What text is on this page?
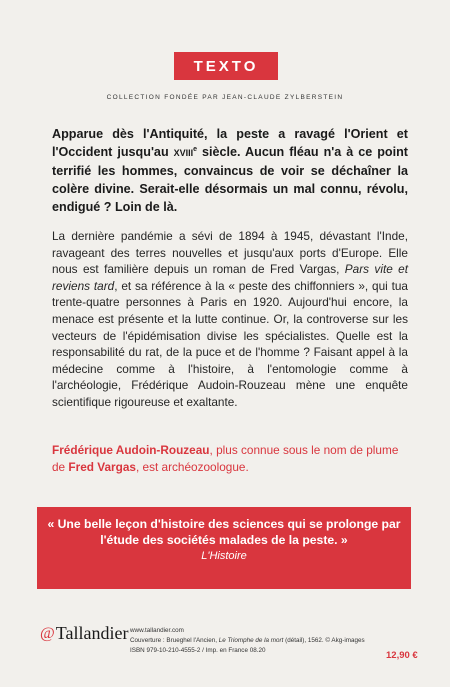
TEXTO
COLLECTION FONDÉE PAR JEAN-CLAUDE ZYLBERSTEIN

Apparue dès l'Antiquité, la peste a ravagé l'Orient et l'Occident jusqu'au XVIIIe siècle. Aucun fléau n'a à ce point terrifié les hommes, convaincus de voir se déchaîner la colère divine. Serait-elle désormais un mal connu, révolu, endigué ? Loin de là.

La dernière pandémie a sévi de 1894 à 1945, dévastant l'Inde, ravageant des terres nouvelles et jusqu'aux ports d'Europe. Elle nous est familière depuis un roman de Fred Vargas, Pars vite et reviens tard, et sa référence à la « peste des chiffonniers », qui tua trente-quatre personnes à Paris en 1920. Aujourd'hui encore, la menace est présente et la lutte continue. Or, la controverse sur les vecteurs de l'épidémisation divise les spécialistes. Quelle est la responsabilité du rat, de la puce et de l'homme ? Faisant appel à la médecine comme à l'histoire, à l'entomologie comme à l'archéologie, Frédérique Audoin-Rouzeau mène une enquête scientifique rigoureuse et exaltante.

Frédérique Audoin-Rouzeau, plus connue sous le nom de plume de Fred Vargas, est archéozoologue.

« Une belle leçon d'histoire des sciences qui se prolonge par l'étude des sociétés malades de la peste. »

L'Histoire

@ Tallandier www.tallandier.com

Couverture : Brueghel l'Ancien, Le Triomphe de la mort (détail), 1562. © Akg-images

ISBN 979-10-210-4555-2 / Imp. en France 08.20	12,90 €
